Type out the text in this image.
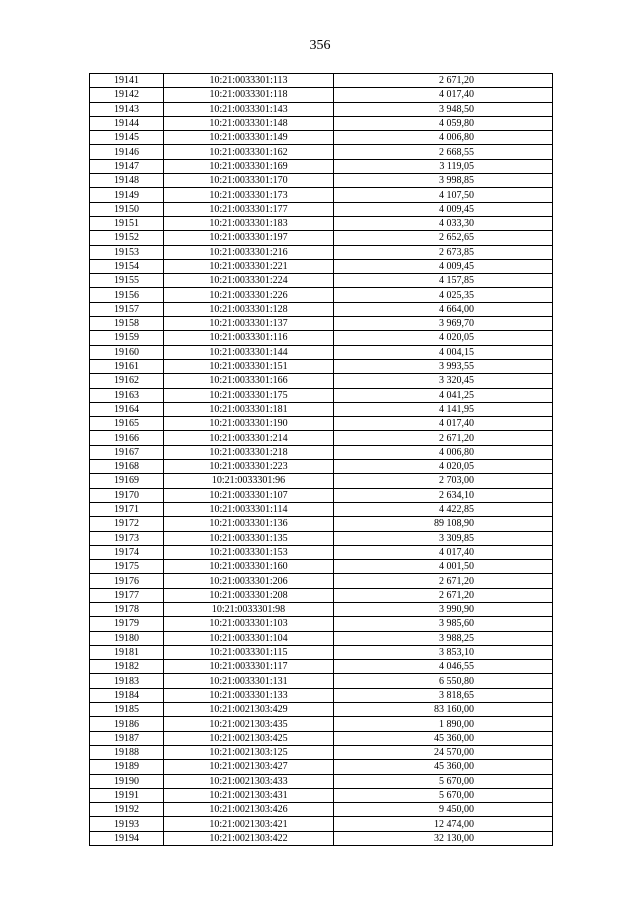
356
19141	10:21:0033301:113	2 671,20
19142	10:21:0033301:118	4 017,40
19143	10:21:0033301:143	3 948,50
19144	10:21:0033301:148	4 059,80
19145	10:21:0033301:149	4 006,80
19146	10:21:0033301:162	2 668,55
19147	10:21:0033301:169	3 119,05
19148	10:21:0033301:170	3 998,85
19149	10:21:0033301:173	4 107,50
19150	10:21:0033301:177	4 009,45
19151	10:21:0033301:183	4 033,30
19152	10:21:0033301:197	2 652,65
19153	10:21:0033301:216	2 673,85
19154	10:21:0033301:221	4 009,45
19155	10:21:0033301:224	4 157,85
19156	10:21:0033301:226	4 025,35
19157	10:21:0033301:128	4 664,00
19158	10:21:0033301:137	3 969,70
19159	10:21:0033301:116	4 020,05
19160	10:21:0033301:144	4 004,15
19161	10:21:0033301:151	3 993,55
19162	10:21:0033301:166	3 320,45
19163	10:21:0033301:175	4 041,25
19164	10:21:0033301:181	4 141,95
19165	10:21:0033301:190	4 017,40
19166	10:21:0033301:214	2 671,20
19167	10:21:0033301:218	4 006,80
19168	10:21:0033301:223	4 020,05
19169	10:21:0033301:96	2 703,00
19170	10:21:0033301:107	2 634,10
19171	10:21:0033301:114	4 422,85
19172	10:21:0033301:136	89 108,90
19173	10:21:0033301:135	3 309,85
19174	10:21:0033301:153	4 017,40
19175	10:21:0033301:160	4 001,50
19176	10:21:0033301:206	2 671,20
19177	10:21:0033301:208	2 671,20
19178	10:21:0033301:98	3 990,90
19179	10:21:0033301:103	3 985,60
19180	10:21:0033301:104	3 988,25
19181	10:21:0033301:115	3 853,10
19182	10:21:0033301:117	4 046,55
19183	10:21:0033301:131	6 550,80
19184	10:21:0033301:133	3 818,65
19185	10:21:0021303:429	83 160,00
19186	10:21:0021303:435	1 890,00
19187	10:21:0021303:425	45 360,00
19188	10:21:0021303:125	24 570,00
19189	10:21:0021303:427	45 360,00
19190	10:21:0021303:433	5 670,00
19191	10:21:0021303:431	5 670,00
19192	10:21:0021303:426	9 450,00
19193	10:21:0021303:421	12 474,00
19194	10:21:0021303:422	32 130,00
